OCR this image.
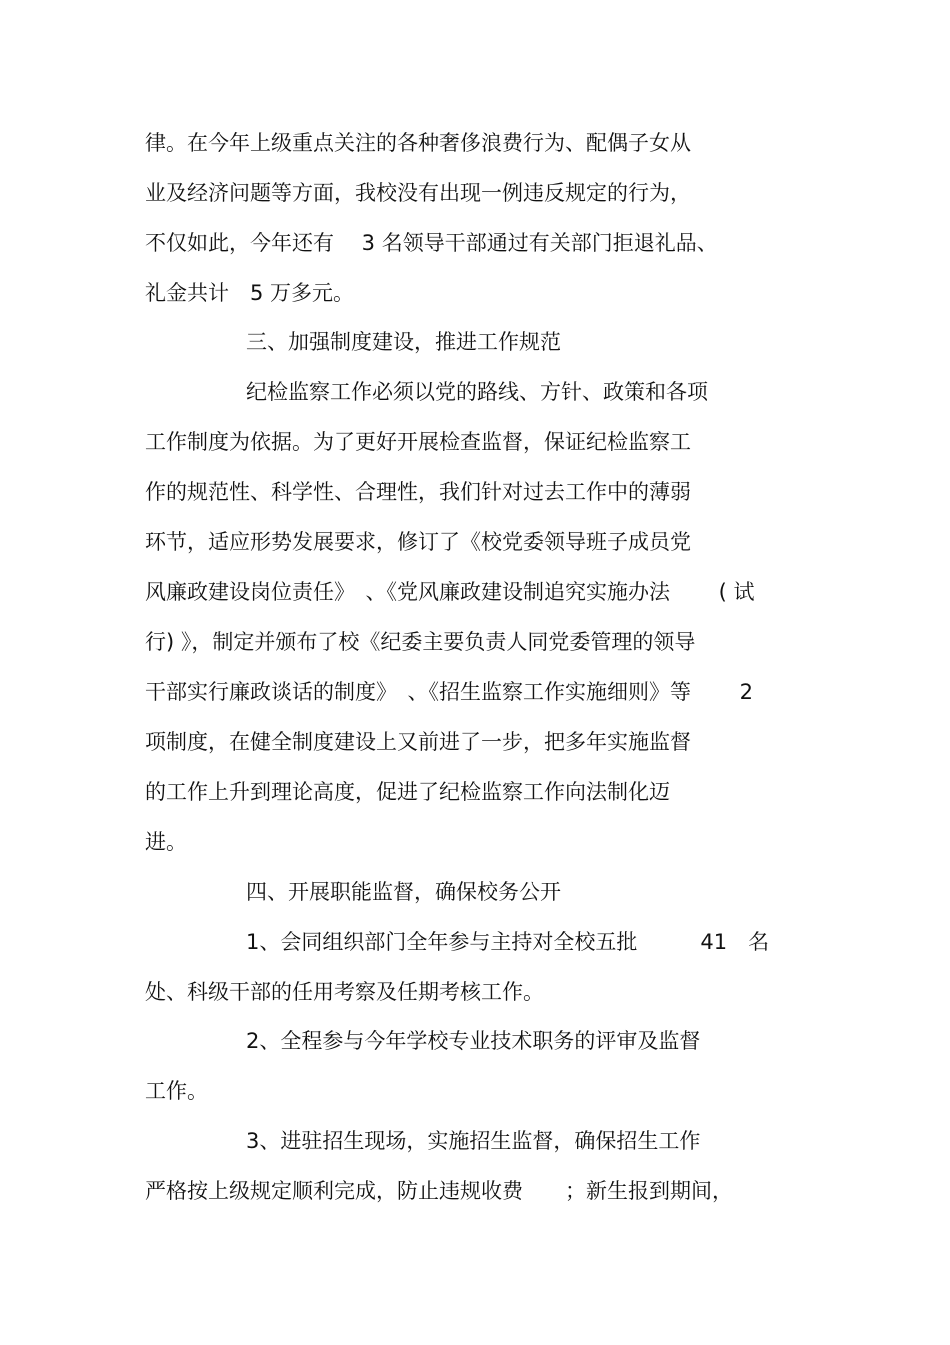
律。在今年上级重点关注的各种奢侈浪费行为、配偶子女从

业及经济问题等方面，我校没有出现一例违反规定的行为，

不仅如此，今年还有　 3 名领导干部通过有关部门拒退礼品、

礼金共计　5 万多元。

三、加强制度建设，推进工作规范

纪检监察工作必须以党的路线、方针、政策和各项

工作制度为依据。为了更好开展检查监督，保证纪检监察工

作的规范性、科学性、合理性，我们针对过去工作中的薄弱

环节，适应形势发展要求，修订了《校党委领导班子成员党

风廉政建设岗位责任》　、《党风廉政建设制追究实施办法　　 ( 试

行) 》，制定并颁布了校《纪委主要负责人同党委管理的领导

干部实行廉政谈话的制度》　、《招生监察工作实施细则》等　　 2

项制度，在健全制度建设上又前进了一步，把多年实施监督

的工作上升到理论高度，促进了纪检监察工作向法制化迈

进。

四、开展职能监督，确保校务公开

1、会同组织部门全年参与主持对全校五批　　　41　名

处、科级干部的任用考察及任期考核工作。

2、全程参与今年学校专业技术职务的评审及监督

工作。

3、进驻招生现场，实施招生监督，确保招生工作

严格按上级规定顺利完成，防止违规收费　　；新生报到期间，
